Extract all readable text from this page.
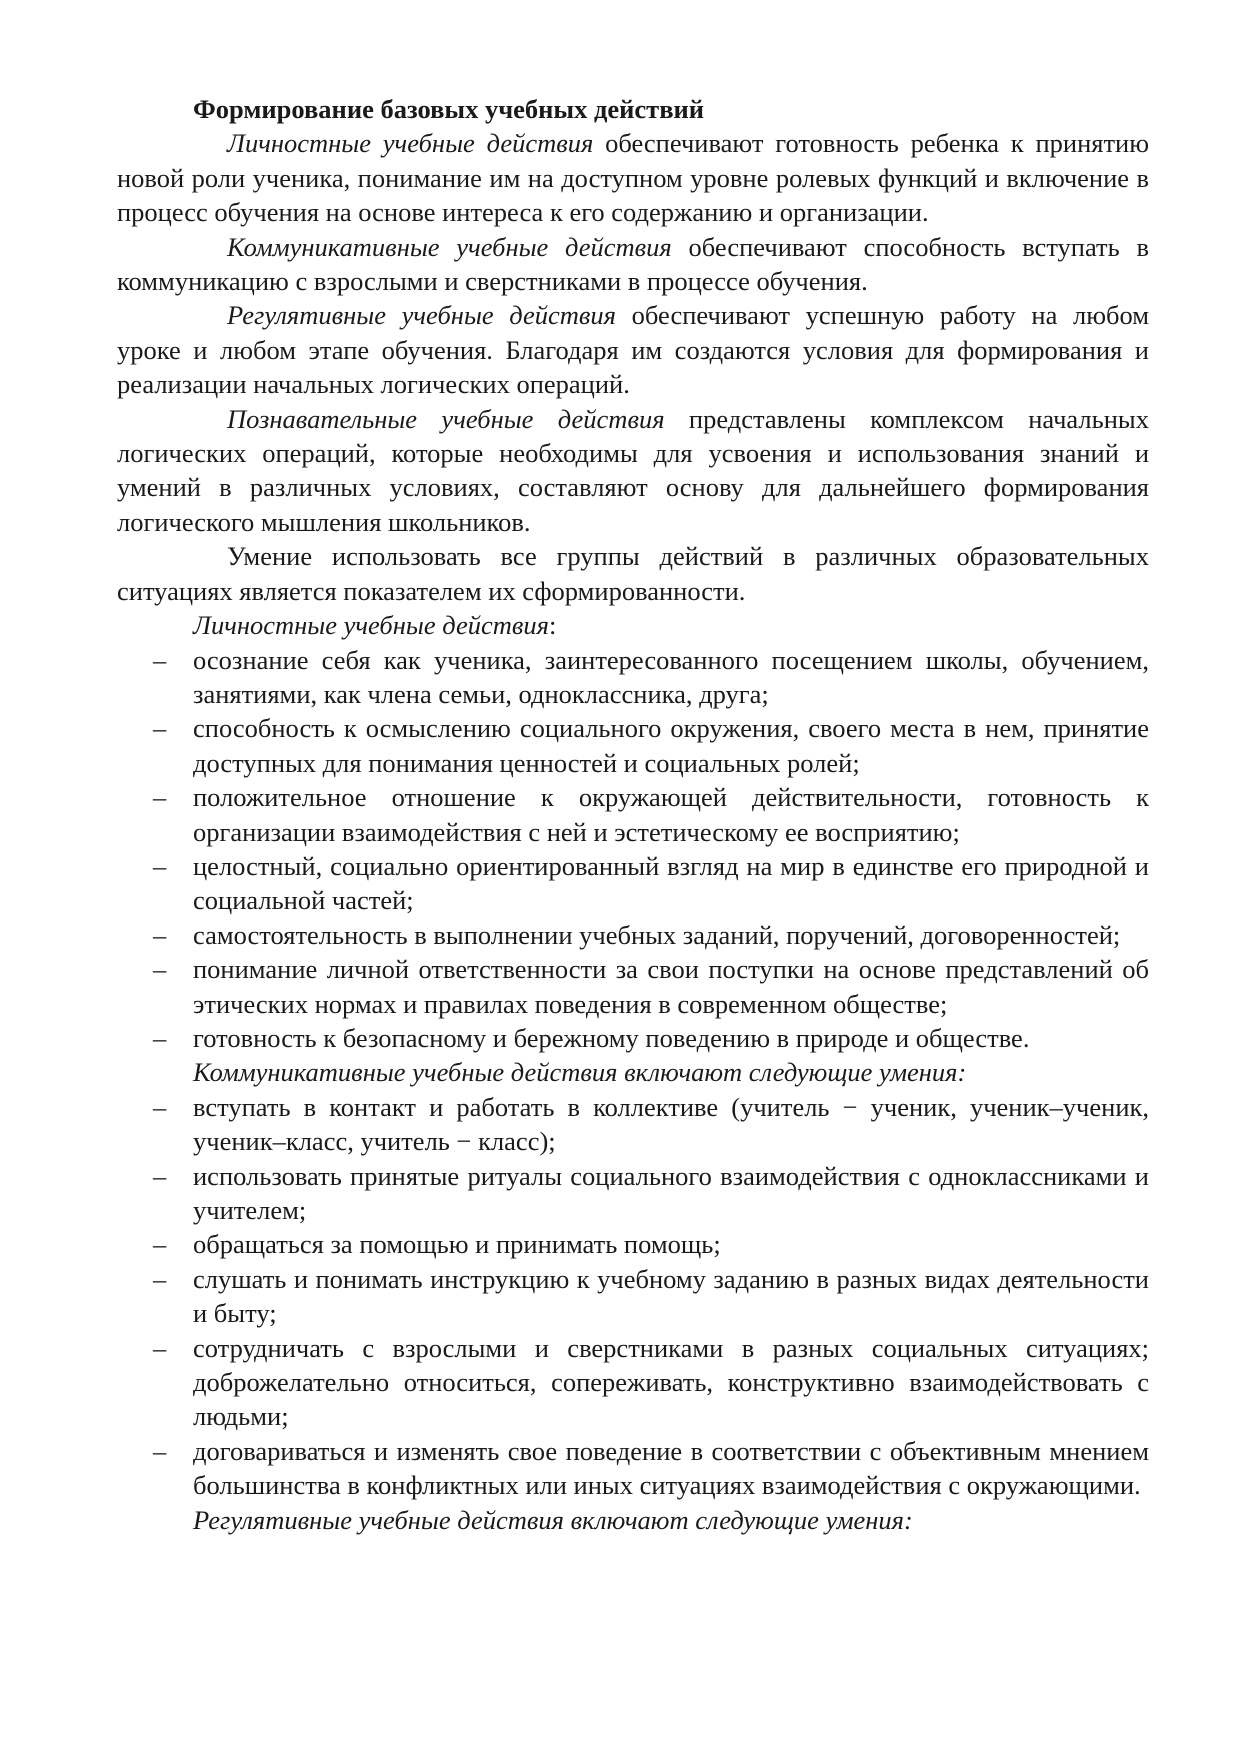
Формирование базовых учебных действий

Личностные учебные действия обеспечивают готовность ребенка к принятию новой роли ученика, понимание им на доступном уровне ролевых функций и включение в процесс обучения на основе интереса к его содержанию и организации.

Коммуникативные учебные действия обеспечивают способность вступать в коммуникацию с взрослыми и сверстниками в процессе обучения.

Регулятивные учебные действия обеспечивают успешную работу на любом уроке и любом этапе обучения. Благодаря им создаются условия для формирования и реализации начальных логических операций.

Познавательные учебные действия представлены комплексом начальных логических операций, которые необходимы для усвоения и использования знаний и умений в различных условиях, составляют основу для дальнейшего формирования логического мышления школьников.

Умение использовать все группы действий в различных образовательных ситуациях является показателем их сформированности.

Личностные учебные действия:

– осознание себя как ученика, заинтересованного посещением школы, обучением, занятиями, как члена семьи, одноклассника, друга;
– способность к осмыслению социального окружения, своего места в нем, принятие доступных для понимания ценностей и социальных ролей;
– положительное отношение к окружающей действительности, готовность к организации взаимодействия с ней и эстетическому ее восприятию;
– целостный, социально ориентированный взгляд на мир в единстве его природной и социальной частей;
– самостоятельность в выполнении учебных заданий, поручений, договоренностей;
– понимание личной ответственности за свои поступки на основе представлений об этических нормах и правилах поведения в современном обществе;
– готовность к безопасному и бережному поведению в природе и обществе.

Коммуникативные учебные действия включают следующие умения:

– вступать в контакт и работать в коллективе (учитель − ученик, ученик–ученик, ученик–класс, учитель − класс);
– использовать принятые ритуалы социального взаимодействия с одноклассниками и учителем;
– обращаться за помощью и принимать помощь;
– слушать и понимать инструкцию к учебному заданию в разных видах деятельности и быту;
– сотрудничать с взрослыми и сверстниками в разных социальных ситуациях; доброжелательно относиться, сопереживать, конструктивно взаимодействовать с людьми;
– договариваться и изменять свое поведение в соответствии с объективным мнением большинства в конфликтных или иных ситуациях взаимодействия с окружающими.

Регулятивные учебные действия включают следующие умения:
